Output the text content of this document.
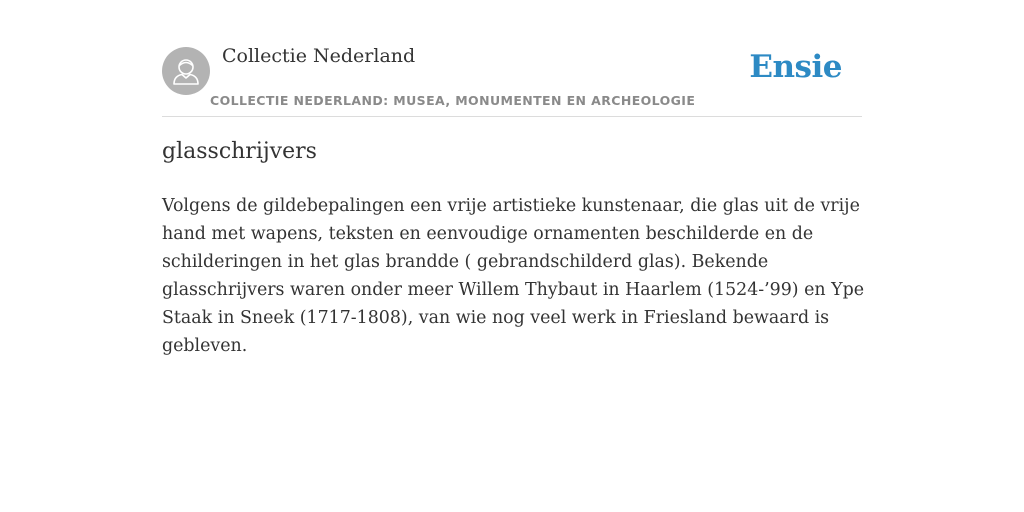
Collectie Nederland
COLLECTIE NEDERLAND: MUSEA, MONUMENTEN EN ARCHEOLOGIE
Ensie
glasschrijvers

Volgens de gildebepalingen een vrije artistieke kunstenaar, die glas uit de vrije hand met wapens, teksten en eenvoudige ornamenten beschilderde en de schilderingen in het glas brandde ( gebrandschilderd glas). Bekende glasschrijvers waren onder meer Willem Thybaut in Haarlem (1524-’99) en Ype Staak in Sneek (1717-1808), van wie nog veel werk in Friesland bewaard is gebleven.
